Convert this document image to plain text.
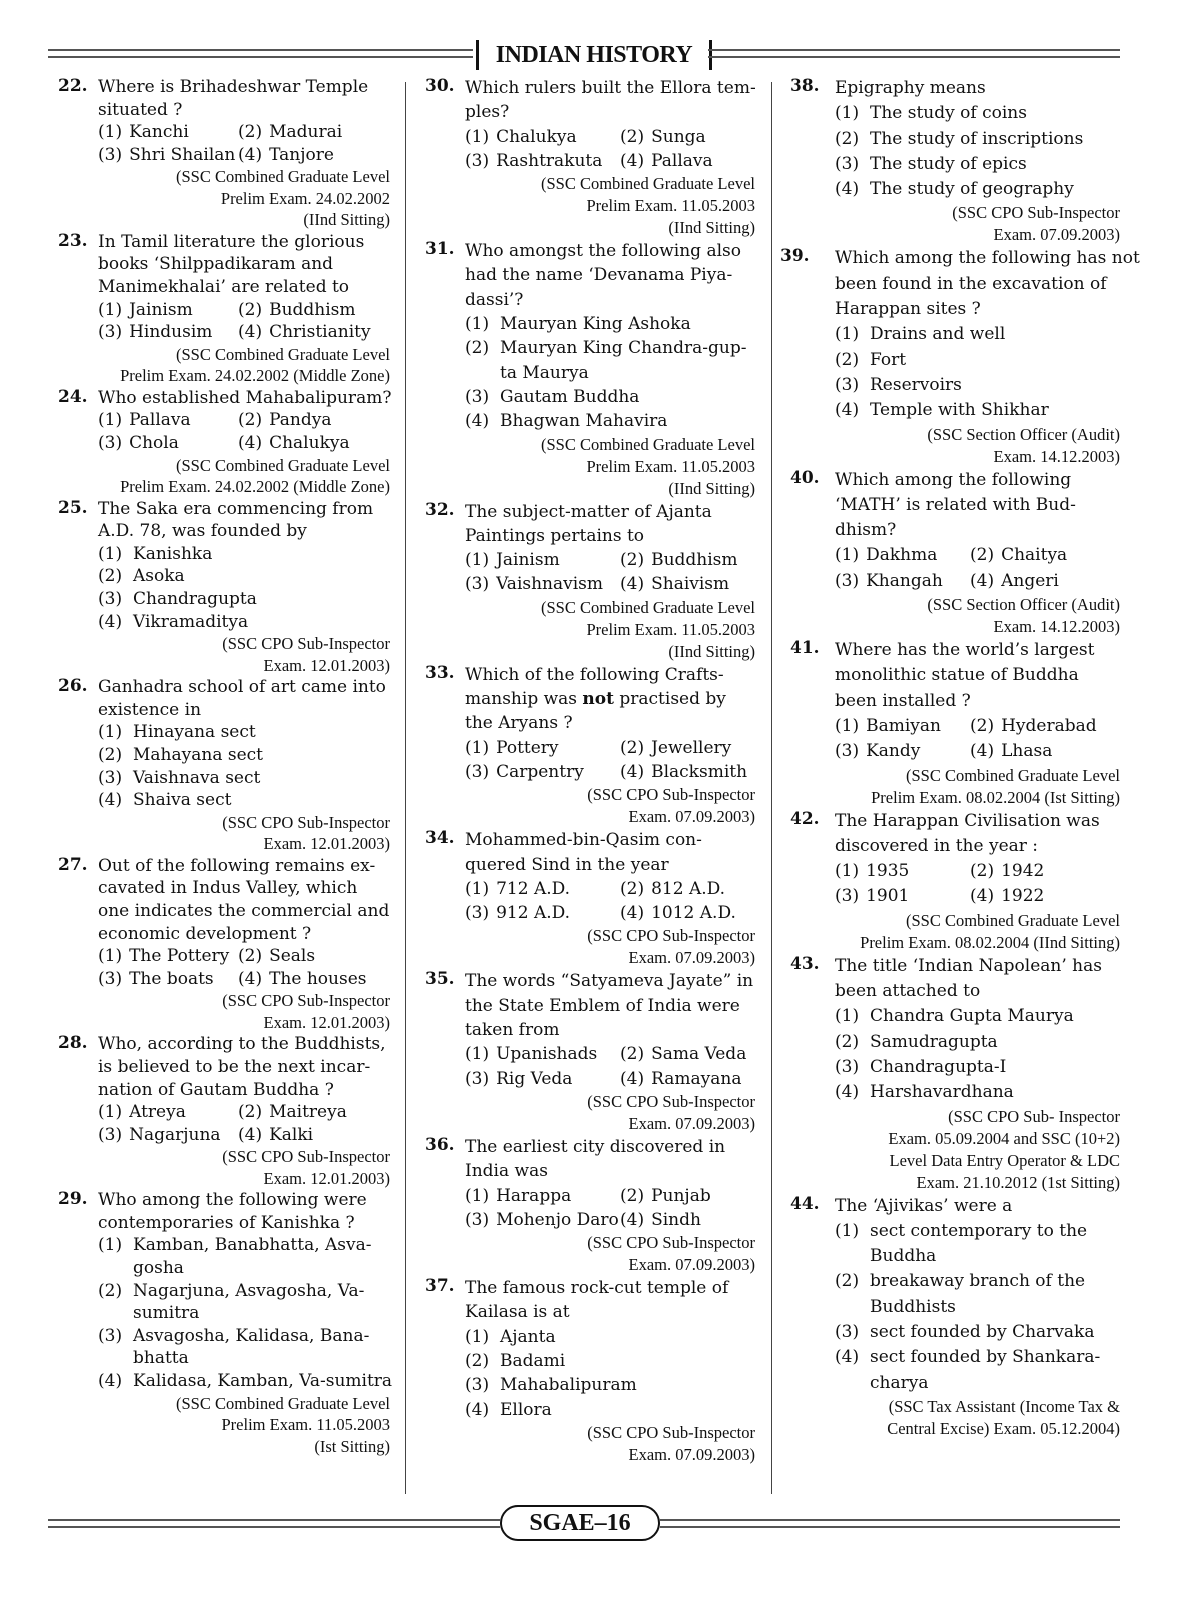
INDIAN HISTORY
22. Where is Brihadeshwar Temple
situated ?
(1) Kanchi	(2) Madurai
(3) Shri Shailan (4) Tanjore
(SSC Combined Graduate Level
Prelim Exam. 24.02.2002
(IInd Sitting)
23. In Tamil literature the glorious
books ‘Shilppadikaram and
Manimekhalai’ are related to
(1) Jainism	(2) Buddhism
(3) Hindusim (4) Christianity
(SSC Combined Graduate Level
Prelim Exam. 24.02.2002 (Middle Zone)
24. Who established Mahabalipuram?
(1) Pallava	(2) Pandya
(3) Chola	(4) Chalukya
(SSC Combined Graduate Level
Prelim Exam. 24.02.2002 (Middle Zone)
25. The Saka era commencing from
A.D. 78, was founded by
(1) Kanishka
(2) Asoka
(3) Chandragupta
(4) Vikramaditya
(SSC CPO Sub-Inspector
Exam. 12.01.2003)
26. Ganhadra school of art came into
existence in
(1) Hinayana sect
(2) Mahayana sect
(3) Vaishnava sect
(4) Shaiva sect
(SSC CPO Sub-Inspector
Exam. 12.01.2003)
27. Out of the following remains ex-
cavated in Indus Valley, which
one indicates the commercial and
economic development ?
(1) The Pottery (2) Seals
(3) The boats (4) The houses
(SSC CPO Sub-Inspector
Exam. 12.01.2003)
28. Who, according to the Buddhists,
is believed to be the next incar-
nation of Gautam Buddha ?
(1) Atreya	(2) Maitreya
(3) Nagarjuna (4) Kalki
(SSC CPO Sub-Inspector
Exam. 12.01.2003)
29. Who among the following were
contemporaries of Kanishka ?
(1) Kamban, Banabhatta, Asva-
gosha
(2) Nagarjuna, Asvagosha, Va-
sumitra
(3) Asvagosha, Kalidasa, Bana-
bhatta
(4) Kalidasa, Kamban, Va-sumitra
(SSC Combined Graduate Level
Prelim Exam. 11.05.2003
(Ist Sitting)
30. Which rulers built the Ellora tem-
ples?
(1) Chalukya	(2) Sunga
(3) Rashtrakuta (4) Pallava
(SSC Combined Graduate Level
Prelim Exam. 11.05.2003
(IInd Sitting)
31. Who amongst the following also
had the name ‘Devanama Piya-
dassi’?
(1) Mauryan King Ashoka
(2) Mauryan King Chandra-gup-
ta Maurya
(3) Gautam Buddha
(4) Bhagwan Mahavira
(SSC Combined Graduate Level
Prelim Exam. 11.05.2003
(IInd Sitting)
32. The subject-matter of Ajanta
Paintings pertains to
(1) Jainism	(2) Buddhism
(3) Vaishnavism (4) Shaivism
(SSC Combined Graduate Level
Prelim Exam. 11.05.2003
(IInd Sitting)
33. Which of the following Crafts-
manship was not practised by
the Aryans ?
(1) Pottery	(2) Jewellery
(3) Carpentry (4) Blacksmith
(SSC CPO Sub-Inspector
Exam. 07.09.2003)
34. Mohammed-bin-Qasim con-
quered Sind in the year
(1) 712 A.D.	(2) 812 A.D.
(3) 912 A.D.	(4) 1012 A.D.
(SSC CPO Sub-Inspector
Exam. 07.09.2003)
35. The words “Satyameva Jayate” in
the State Emblem of India were
taken from
(1) Upanishads (2) Sama Veda
(3) Rig Veda	(4) Ramayana
(SSC CPO Sub-Inspector
Exam. 07.09.2003)
36. The earliest city discovered in
India was
(1) Harappa	(2) Punjab
(3) Mohenjo Daro (4) Sindh
(SSC CPO Sub-Inspector
Exam. 07.09.2003)
37. The famous rock-cut temple of
Kailasa is at
(1) Ajanta
(2) Badami
(3) Mahabalipuram
(4) Ellora
(SSC CPO Sub-Inspector
Exam. 07.09.2003)
38. Epigraphy means
(1) The study of coins
(2) The study of inscriptions
(3) The study of epics
(4) The study of geography
(SSC CPO Sub-Inspector
Exam. 07.09.2003)
39. Which among the following has not
been found in the excavation of
Harappan sites ?
(1) Drains and well
(2) Fort
(3) Reservoirs
(4) Temple with Shikhar
(SSC Section Officer (Audit)
Exam. 14.12.2003)
40. Which among the following
‘MATH’ is related with Bud-
dhism?
(1) Dakhma (2) Chaitya
(3) Khangah (4) Angeri
(SSC Section Officer (Audit)
Exam. 14.12.2003)
41. Where has the world’s largest
monolithic statue of Buddha
been installed ?
(1) Bamiyan (2) Hyderabad
(3) Kandy	(4) Lhasa
(SSC Combined Graduate Level
Prelim Exam. 08.02.2004 (Ist Sitting)
42. The Harappan Civilisation was
discovered in the year :
(1) 1935	(2) 1942
(3) 1901	(4) 1922
(SSC Combined Graduate Level
Prelim Exam. 08.02.2004 (IInd Sitting)
43. The title ‘Indian Napolean’ has
been attached to
(1) Chandra Gupta Maurya
(2) Samudragupta
(3) Chandragupta-I
(4) Harshavardhana
(SSC CPO Sub- Inspector
Exam. 05.09.2004 and SSC (10+2)
Level Data Entry Operator & LDC
Exam. 21.10.2012 (1st Sitting)
44. The ‘Ajivikas’ were a
(1) sect contemporary to the
Buddha
(2) breakaway branch of the
Buddhists
(3) sect founded by Charvaka
(4) sect founded by Shankara-
charya
(SSC Tax Assistant (Income Tax &
Central Excise) Exam. 05.12.2004)
SGAE–16
